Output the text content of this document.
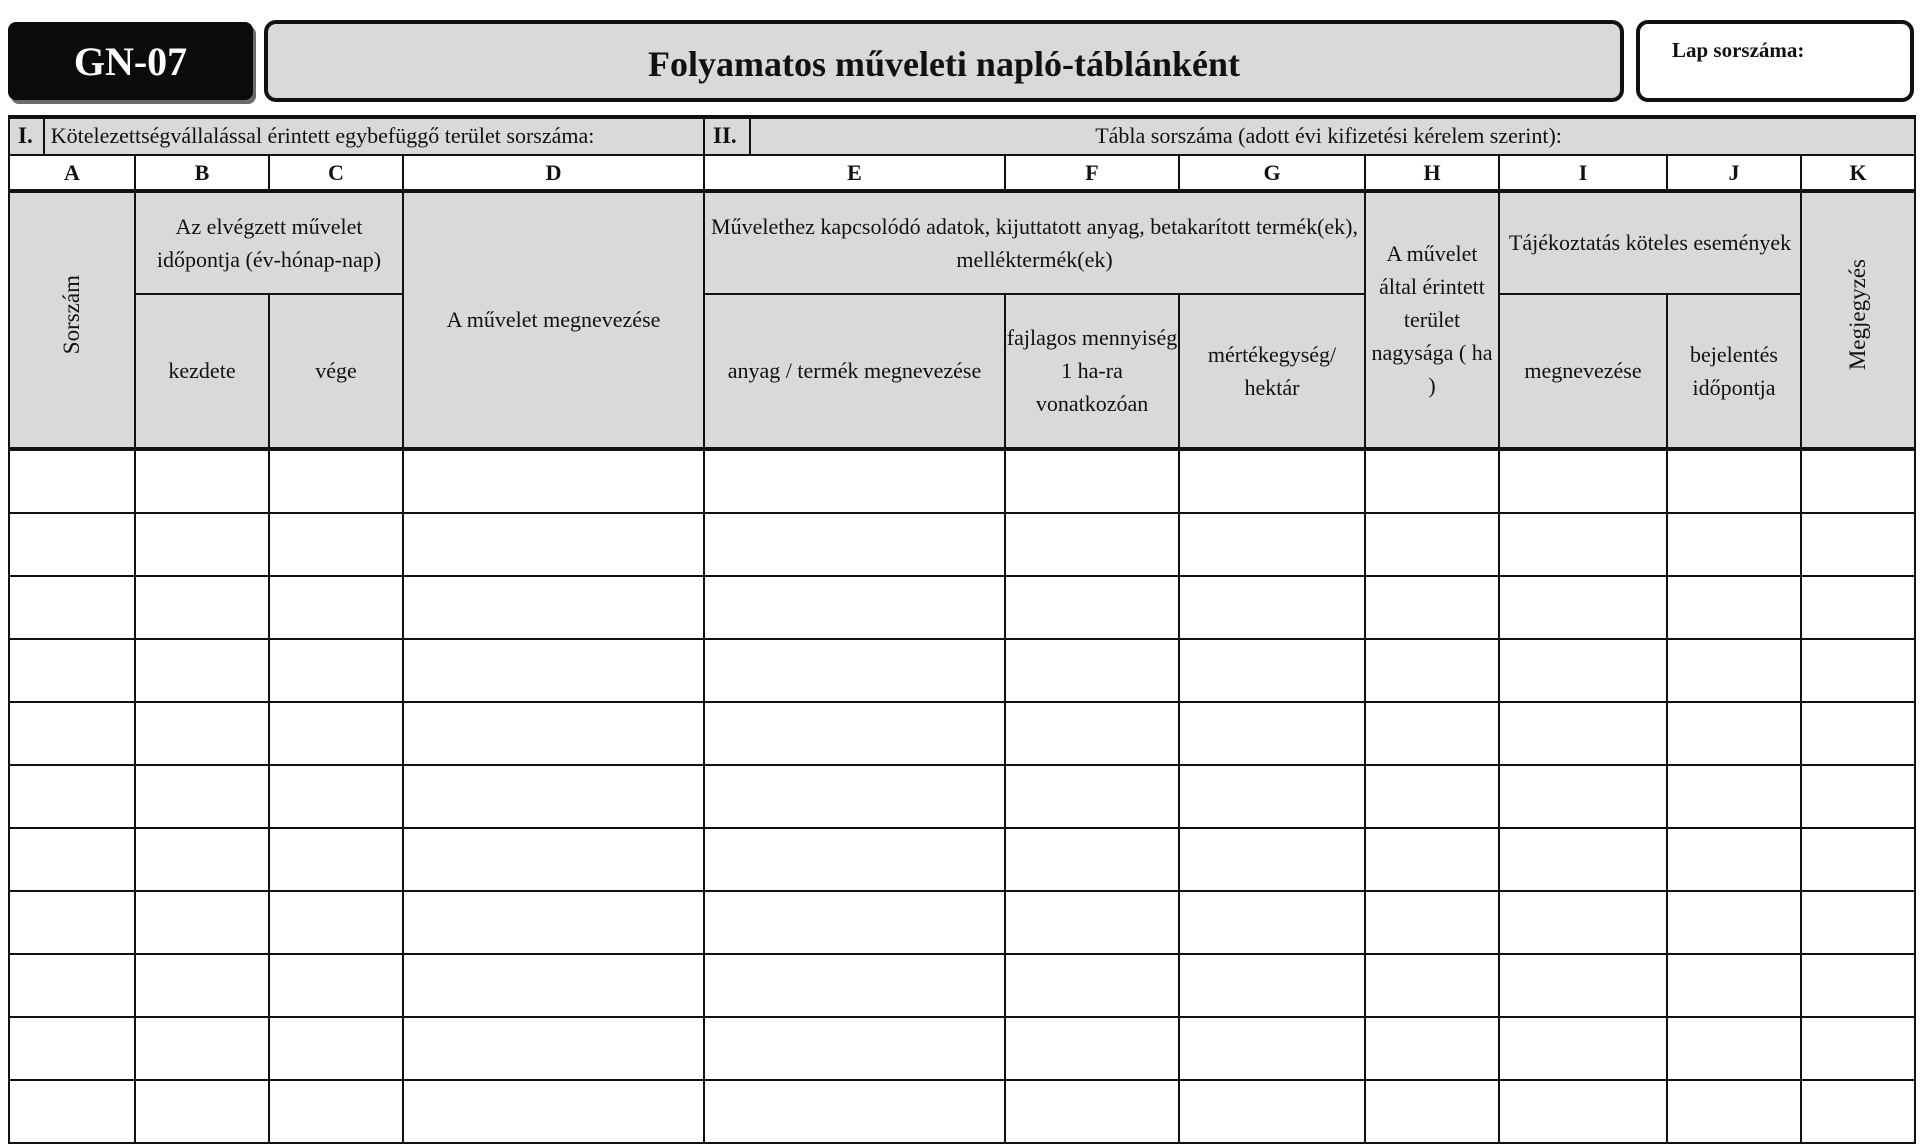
GN-07	Folyamatos műveleti napló-táblánként	Lap sorszáma:
I. Kötelezettségvállalással érintett egybefüggő terület sorszáma:				II. Tábla sorszáma (adott évi kifizetési kérelem szerint):						
A	B	C	D	E	F	G	H	I	J	K
Sorszám	Az elvégzett művelet időpontja (év-hónap-nap)		A művelet megnevezése	Művelethez kapcsolódó adatok, kijuttatott anyag, betakarított termék(ek), melléktermék(ek)			A művelet által érintett terület nagysága ( ha )	Tájékoztatás köteles események		Megjegyzés
	kezdete	vége		anyag / termék megnevezése	fajlagos mennyiség 1 ha-ra vonatkozóan	mértékegység/ hektár		megnevezése	bejelentés időpontja	
